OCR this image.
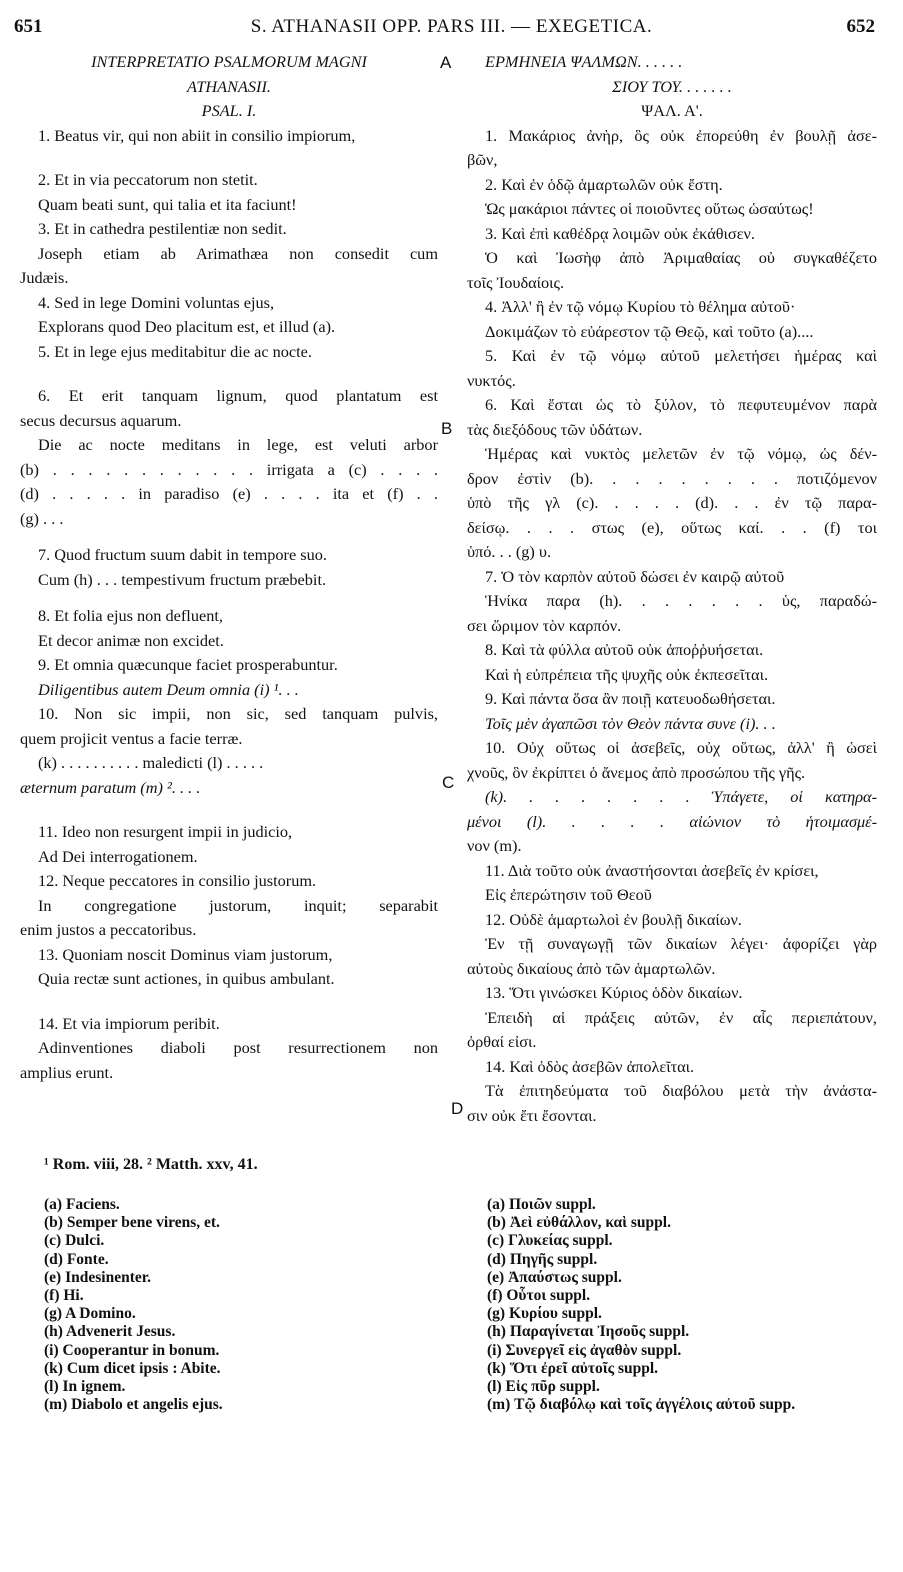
651	S. ATHANASII OPP. PARS III. — EXEGETICA.	652
A
B
C
D
INTERPRETATIO PSALMORUM MAGNI
ATHANASII.
PSAL. I.
1. Beatus vir, qui non abiit in consilio impiorum,
2. Et in via peccatorum non stetit.
Quam beati sunt, qui talia et ita faciunt!
3. Et in cathedra pestilentiæ non sedit.
Joseph etiam ab Arimathæa non consedit cum
Judæis.
4. Sed in lege Domini voluntas ejus,
Explorans quod Deo placitum est, et illud (a).
5. Et in lege ejus meditabitur die ac nocte.
6. Et erit tanquam lignum, quod plantatum est
secus decursus aquarum.
Die ac nocte meditans in lege, est veluti arbor
(b) . . . . . . . . . . . . irrigata a (c) . . . .
(d) . . . . . in paradiso (e) . . . . ita et (f) . .
(g) . . .
7. Quod fructum suum dabit in tempore suo.
Cum (h) . . . tempestivum fructum præbebit.
8. Et folia ejus non defluent,
Et decor animæ non excidet.
9. Et omnia quæcunque faciet prosperabuntur.
Diligentibus autem Deum omnia (i) ¹. . .
10. Non sic impii, non sic, sed tanquam pulvis,
quem projicit ventus a facie terræ.
(k) . . . . . . . . . . maledicti (l) . . . . .
æternum paratum (m) ². . . .
11. Ideo non resurgent impii in judicio,
Ad Dei interrogationem.
12. Neque peccatores in consilio justorum.
In congregatione justorum, inquit; separabit
enim justos a peccatoribus.
13. Quoniam noscit Dominus viam justorum,
Quia rectæ sunt actiones, in quibus ambulant.
14. Et via impiorum peribit.
Adinventiones diaboli post resurrectionem non
amplius erunt.
ΕΡΜΗΝΕΙΑ ΨΑΛΜΩΝ. . . . . .
ΣΙΟΥ ΤΟΥ. . . . . . .
ΨΑΛ. Α'.
1. Μακάριος ἀνὴρ, ὃς οὐκ ἐπορεύθη ἐν βουλῇ ἀσε-
βῶν,
2. Καὶ ἐν ὁδῷ ἁμαρτωλῶν οὐκ ἔστη.
Ὡς μακάριοι πάντες οἱ ποιοῦντες οὕτως ὡσαύτως!
3. Καὶ ἐπὶ καθέδρᾳ λοιμῶν οὐκ ἐκάθισεν.
Ὁ καὶ Ἰωσὴφ ἀπὸ Ἀριμαθαίας οὐ συγκαθέζετο
τοῖς Ἰουδαίοις.
4. Ἀλλ' ἢ ἐν τῷ νόμῳ Κυρίου τὸ θέλημα αὐτοῦ·
Δοκιμάζων τὸ εὐάρεστον τῷ Θεῷ, καὶ τοῦτο (a)....
5. Καὶ ἐν τῷ νόμῳ αὐτοῦ μελετήσει ἡμέρας καὶ
νυκτός.
6. Καὶ ἔσται ὡς τὸ ξύλον, τὸ πεφυτευμένον παρὰ
τὰς διεξόδους τῶν ὑδάτων.
Ἡμέρας καὶ νυκτὸς μελετῶν ἐν τῷ νόμῳ, ὡς δέν-
δρον ἐστὶν (b). . . . . . . . . ποτιζόμενον
ὑπὸ τῆς γλ (c). . . . . (d). . . ἐν τῷ παρα-
δείσῳ. . . . στως (e), οὕτως καί. . . (f) τοι
ὑπό. . . (g) υ.
7. Ὁ τὸν καρπὸν αὐτοῦ δώσει ἐν καιρῷ αὐτοῦ
Ἡνίκα παρα (h). . . . . . . ὑς, παραδώ-
σει ὥριμον τὸν καρπόν.
8. Καὶ τὰ φύλλα αὐτοῦ οὐκ ἀποῤῥυήσεται.
Καὶ ἡ εὐπρέπεια τῆς ψυχῆς οὐκ ἐκπεσεῖται.
9. Καὶ πάντα ὅσα ἂν ποιῇ κατευοδωθήσεται.
Τοῖς μὲν ἀγαπῶσι τὸν Θεὸν πάντα συνε (i). . .
10. Οὐχ οὕτως οἱ ἀσεβεῖς, οὐχ οὕτως, ἀλλ' ἢ ὡσεὶ
χνοῦς, ὃν ἐκρίπτει ὁ ἄνεμος ἀπὸ προσώπου τῆς γῆς.
(k). . . . . . . . Ὑπάγετε, οἱ κατηρα-
μένοι (l). . . . . αἰώνιον τὸ ἡτοιμασμέ-
νον (m).
11. Διὰ τοῦτο οὐκ ἀναστήσονται ἀσεβεῖς ἐν κρίσει,
Εἰς ἐπερώτησιν τοῦ Θεοῦ
12. Οὐδὲ ἁμαρτωλοὶ ἐν βουλῇ δικαίων.
Ἐν τῇ συναγωγῇ τῶν δικαίων λέγει· ἀφορίζει γὰρ
αὐτοὺς δικαίους ἀπὸ τῶν ἁμαρτωλῶν.
13. Ὅτι γινώσκει Κύριος ὁδὸν δικαίων.
Ἐπειδὴ αἱ πράξεις αὐτῶν, ἐν αἷς περιεπάτουν,
ὀρθαί εἰσι.
14. Καὶ ὁδὸς ἀσεβῶν ἀπολεῖται.
Τὰ ἐπιτηδεύματα τοῦ διαβόλου μετὰ τὴν ἀνάστα-
σιν οὐκ ἔτι ἔσονται.
¹ Rom. viii, 28. ² Matth. xxv, 41.
(a) Faciens.
(b) Semper bene virens, et.
(c) Dulci.
(d) Fonte.
(e) Indesinenter.
(f) Hi.
(g) A Domino.
(h) Advenerit Jesus.
(i) Cooperantur in bonum.
(k) Cum dicet ipsis : Abite.
(l) In ignem.
(m) Diabolo et angelis ejus.
(a) Ποιῶν suppl.
(b) Ἀεὶ εὐθάλλον, καὶ suppl.
(c) Γλυκείας suppl.
(d) Πηγῆς suppl.
(e) Ἀπαύστως suppl.
(f) Οὗτοι suppl.
(g) Κυρίου suppl.
(h) Παραγίνεται Ἰησοῦς suppl.
(i) Συνεργεῖ εἰς ἀγαθὸν suppl.
(k) Ὅτι ἐρεῖ αὐτοῖς suppl.
(l) Εἰς πῦρ suppl.
(m) Τῷ διαβόλῳ καὶ τοῖς ἀγγέλοις αὐτοῦ supp.
